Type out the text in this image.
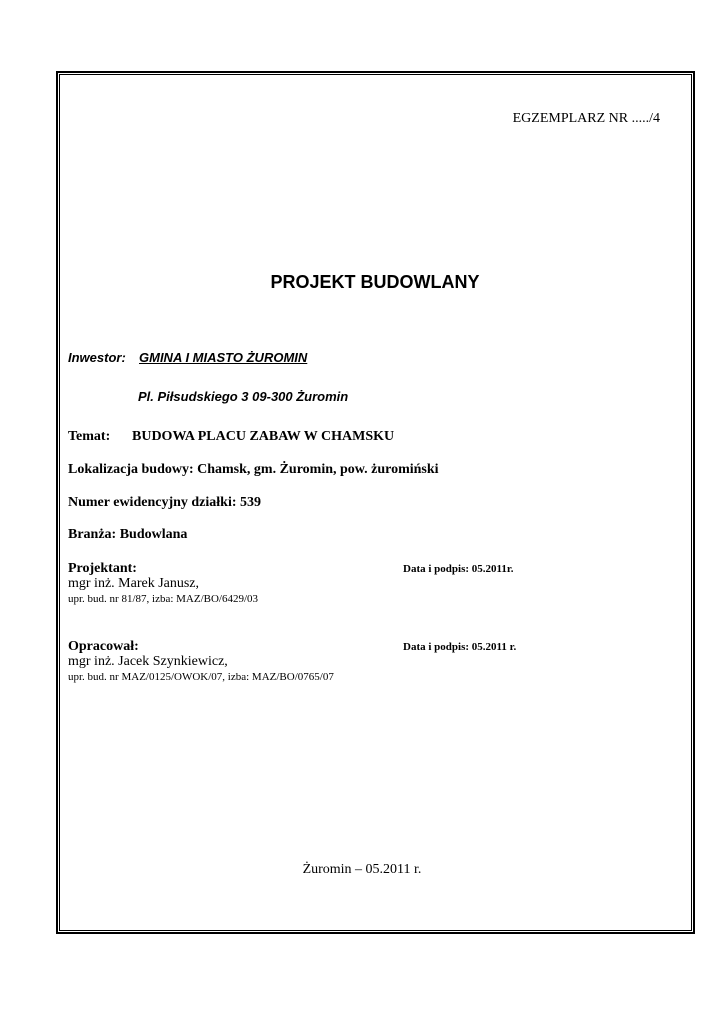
EGZEMPLARZ NR ...../4
PROJEKT BUDOWLANY
Inwestor: GMINA I MIASTO ŻUROMIN
Pl. Piłsudskiego 3 09-300 Żuromin
Temat: BUDOWA PLACU ZABAW W CHAMSKU
Lokalizacja budowy: Chamsk, gm. Żuromin, pow. żuromiński
Numer ewidencyjny działki: 539
Branża: Budowlana
Projektant:	Data i podpis: 05.2011r.
mgr inż. Marek Janusz,
upr. bud. nr 81/87, izba: MAZ/BO/6429/03
Opracował:	Data i podpis: 05.2011 r.
mgr inż. Jacek Szynkiewicz,
upr. bud. nr MAZ/0125/OWOK/07, izba: MAZ/BO/0765/07
Żuromin – 05.2011 r.
